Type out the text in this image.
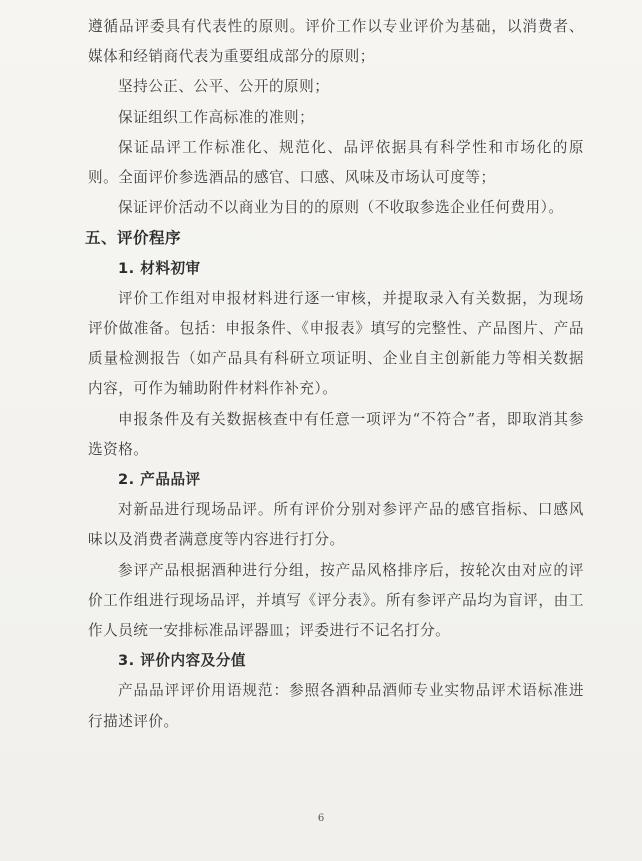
遵循品评委具有代表性的原则。评价工作以专业评价为基础，以消费者、媒体和经销商代表为重要组成部分的原则；

坚持公正、公平、公开的原则；

保证组织工作高标准的准则；

保证品评工作标准化、规范化、品评依据具有科学性和市场化的原则。全面评价参选酒品的感官、口感、风味及市场认可度等；

保证评价活动不以商业为目的的原则（不收取参选企业任何费用）。

五、评价程序
1. 材料初审

评价工作组对申报材料进行逐一审核，并提取录入有关数据，为现场评价做准备。包括：申报条件、《申报表》填写的完整性、产品图片、产品质量检测报告（如产品具有科研立项证明、企业自主创新能力等相关数据内容，可作为辅助附件材料作补充）。

申报条件及有关数据核查中有任意一项评为“不符合”者，即取消其参选资格。

2. 产品品评

对新品进行现场品评。所有评价分别对参评产品的感官指标、口感风味以及消费者满意度等内容进行打分。

参评产品根据酒种进行分组，按产品风格排序后，按轮次由对应的评价工作组进行现场品评，并填写《评分表》。所有参评产品均为盲评，由工作人员统一安排标准品评器皿；评委进行不记名打分。

3. 评价内容及分值

产品品评评价用语规范：参照各酒种品酒师专业实物品评术语标准进行描述评价。

6
